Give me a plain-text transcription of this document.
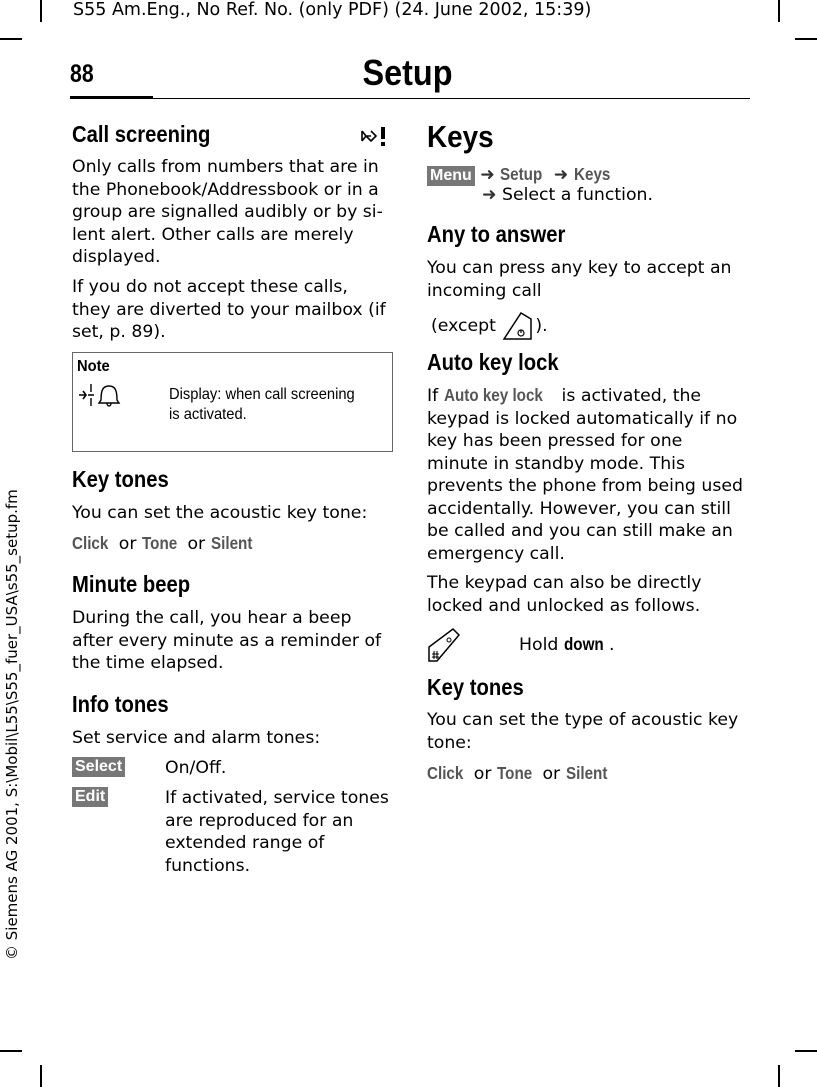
S55 Am.Eng., No Ref. No. (only PDF) (24. June 2002, 15:39)
88	Setup
© Siemens AG 2001, S:\Mobil\L55\S55_fuer_USA\s55_setup.fm
Call screening

Only calls from numbers that are in the Phonebook/Addressbook or in a group are signalled audibly or by si-lent alert. Other calls are merely displayed.

If you do not accept these calls, they are diverted to your mailbox (if set, p. 89).

Note
Display: when call screening is activated.
Key tones

You can set the acoustic key tone:

Click or Tone or Silent

Minute beep

During the call, you hear a beep after every minute as a reminder of the time elapsed.

Info tones

Set service and alarm tones:

Select On/Off.

Edit	If activated, service tones are reproduced for an extended range of functions.

Keys
Menu ➜ Setup ➜ Keys
➜ Select a function.
Any to answer

You can press any key to accept an incoming call

(except ).
Auto key lock

If Auto key lock is activated, the keypad is locked automatically if no key has been pressed for one minute in standby mode. This prevents the phone from being used accidentally. However, you can still be called and you can still make an emergency call.

The keypad can also be directly locked and unlocked as follows.

Hold down .
Key tones

You can set the type of acoustic key tone:

Click or Tone or Silent
